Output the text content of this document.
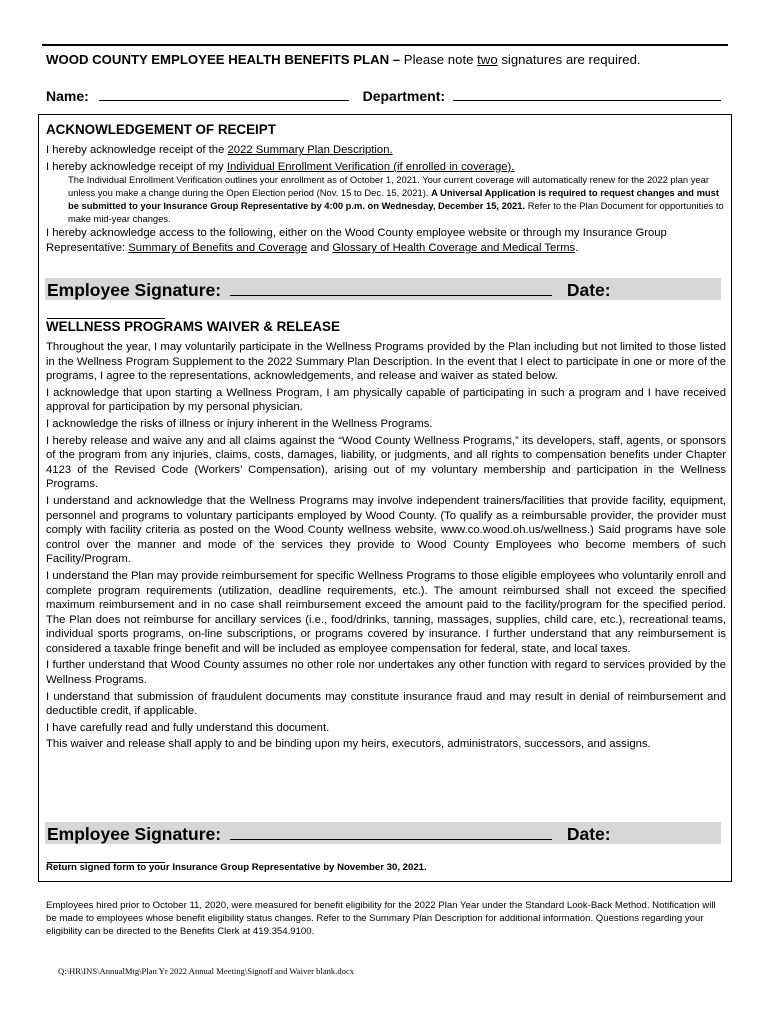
WOOD COUNTY EMPLOYEE HEALTH BENEFITS PLAN – Please note two signatures are required.
Name:	Department:

ACKNOWLEDGEMENT OF RECEIPT

I hereby acknowledge receipt of the 2022 Summary Plan Description.

I hereby acknowledge receipt of my Individual Enrollment Verification (if enrolled in coverage).

The Individual Enrollment Verification outlines your enrollment as of October 1, 2021. Your current coverage will automatically renew for the 2022 plan year unless you make a change during the Open Election period (Nov. 15 to Dec. 15, 2021). A Universal Application is required to request changes and must be submitted to your Insurance Group Representative by 4:00 p.m. on Wednesday, December 15, 2021. Refer to the Plan Document for opportunities to make mid-year changes.

I hereby acknowledge access to the following, either on the Wood County employee website or through my Insurance Group Representative: Summary of Benefits and Coverage and Glossary of Health Coverage and Medical Terms.

Employee Signature:	Date:

WELLNESS PROGRAMS WAIVER & RELEASE

Throughout the year, I may voluntarily participate in the Wellness Programs provided by the Plan including but not limited to those listed in the Wellness Program Supplement to the 2022 Summary Plan Description. In the event that I elect to participate in one or more of the programs, I agree to the representations, acknowledgements, and release and waiver as stated below.

I acknowledge that upon starting a Wellness Program, I am physically capable of participating in such a program and I have received approval for participation by my personal physician.

I acknowledge the risks of illness or injury inherent in the Wellness Programs.

I hereby release and waive any and all claims against the “Wood County Wellness Programs,” its developers, staff, agents, or sponsors of the program from any injuries, claims, costs, damages, liability, or judgments, and all rights to compensation benefits under Chapter 4123 of the Revised Code (Workers’ Compensation), arising out of my voluntary membership and participation in the Wellness Programs.

I understand and acknowledge that the Wellness Programs may involve independent trainers/facilities that provide facility, equipment, personnel and programs to voluntary participants employed by Wood County. (To qualify as a reimbursable provider, the provider must comply with facility criteria as posted on the Wood County wellness website, www.co.wood.oh.us/wellness.) Said programs have sole control over the manner and mode of the services they provide to Wood County Employees who become members of such Facility/Program.

I understand the Plan may provide reimbursement for specific Wellness Programs to those eligible employees who voluntarily enroll and complete program requirements (utilization, deadline requirements, etc.). The amount reimbursed shall not exceed the specified maximum reimbursement and in no case shall reimbursement exceed the amount paid to the facility/program for the specified period. The Plan does not reimburse for ancillary services (i.e., food/drinks, tanning, massages, supplies, child care, etc.), recreational teams, individual sports programs, on-line subscriptions, or programs covered by insurance. I further understand that any reimbursement is considered a taxable fringe benefit and will be included as employee compensation for federal, state, and local taxes.

I further understand that Wood County assumes no other role nor undertakes any other function with regard to services provided by the Wellness Programs.

I understand that submission of fraudulent documents may constitute insurance fraud and may result in denial of reimbursement and deductible credit, if applicable.

I have carefully read and fully understand this document.

This waiver and release shall apply to and be binding upon my heirs, executors, administrators, successors, and assigns.

Employee Signature:	Date:
Return signed form to your Insurance Group Representative by November 30, 2021.
Employees hired prior to October 11, 2020, were measured for benefit eligibility for the 2022 Plan Year under the Standard Look-Back Method. Notification will be made to employees whose benefit eligibility status changes. Refer to the Summary Plan Description for additional information. Questions regarding your eligibility can be directed to the Benefits Clerk at 419.354.9100.
Q:\HR\INS\AnnualMtg\Plan Yr 2022 Annual Meeting\Signoff and Waiver blank.docx
